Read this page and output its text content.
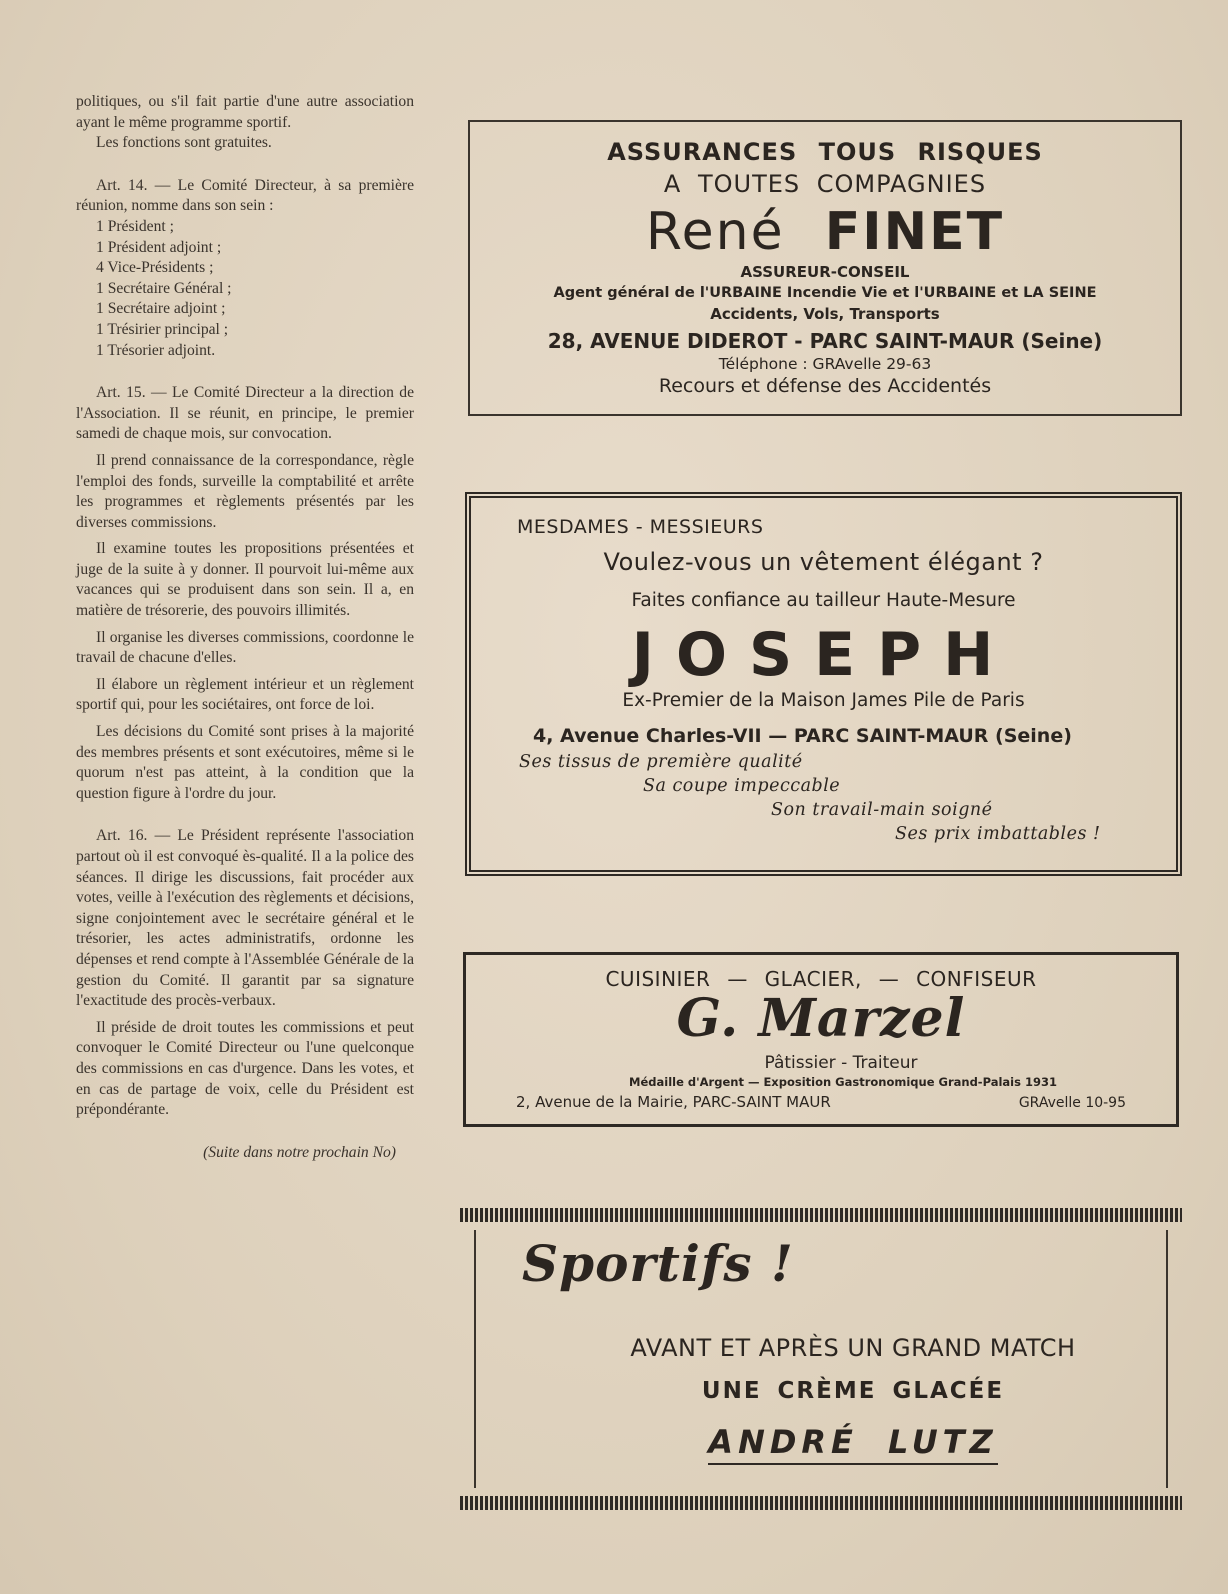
politiques, ou s'il fait partie d'une autre association ayant le même programme sportif.

Les fonctions sont gratuites.

Art. 14. — Le Comité Directeur, à sa première réunion, nomme dans son sein :

1 Président ;
1 Président adjoint ;
4 Vice-Présidents ;
1 Secrétaire Général ;
1 Secrétaire adjoint ;
1 Trésirier principal ;
1 Trésorier adjoint.

Art. 15. — Le Comité Directeur a la direction de l'Association. Il se réunit, en principe, le premier samedi de chaque mois, sur convocation.

Il prend connaissance de la correspondance, règle l'emploi des fonds, surveille la comptabilité et arrête les programmes et règlements présentés par les diverses commissions.

Il examine toutes les propositions présentées et juge de la suite à y donner. Il pourvoit lui-même aux vacances qui se produisent dans son sein. Il a, en matière de trésorerie, des pouvoirs illimités.

Il organise les diverses commissions, coordonne le travail de chacune d'elles.

Il élabore un règlement intérieur et un règlement sportif qui, pour les sociétaires, ont force de loi.

Les décisions du Comité sont prises à la majorité des membres présents et sont exécutoires, même si le quorum n'est pas atteint, à la condition que la question figure à l'ordre du jour.

Art. 16. — Le Président représente l'association partout où il est convoqué ès-qualité. Il a la police des séances. Il dirige les discussions, fait procéder aux votes, veille à l'exécution des règlements et décisions, signe conjointement avec le secrétaire général et le trésorier, les actes administratifs, ordonne les dépenses et rend compte à l'Assemblée Générale de la gestion du Comité. Il garantit par sa signature l'exactitude des procès-verbaux.

Il préside de droit toutes les commissions et peut convoquer le Comité Directeur ou l'une quelconque des commissions en cas d'urgence. Dans les votes, et en cas de partage de voix, celle du Président est prépondérante.

(Suite dans notre prochain No)

ASSURANCES TOUS RISQUES
A TOUTES COMPAGNIES
René FINET
ASSUREUR-CONSEIL
Agent général de l'URBAINE Incendie Vie et l'URBAINE et LA SEINE
Accidents, Vols, Transports
28, AVENUE DIDEROT - PARC SAINT-MAUR (Seine)
Téléphone : GRAvelle 29-63
Recours et défense des Accidentés
MESDAMES - MESSIEURS
Voulez-vous un vêtement élégant ?
Faites confiance au tailleur Haute-Mesure
JOSEPH
Ex-Premier de la Maison James Pile de Paris
4, Avenue Charles-VII — PARC SAINT-MAUR (Seine)
Ses tissus de première qualité
Sa coupe impeccable
Son travail-main soigné
Ses prix imbattables !
CUISINIER — GLACIER, — CONFISEUR
G. Marzel
Pâtissier - Traiteur
Médaille d'Argent — Exposition Gastronomique Grand-Palais 1931
2, Avenue de la Mairie, PARC-SAINT MAUR	GRAvelle 10-95
Sportifs !
AVANT ET APRÈS UN GRAND MATCH
UNE CRÈME GLACÉE
ANDRÉ LUTZ
